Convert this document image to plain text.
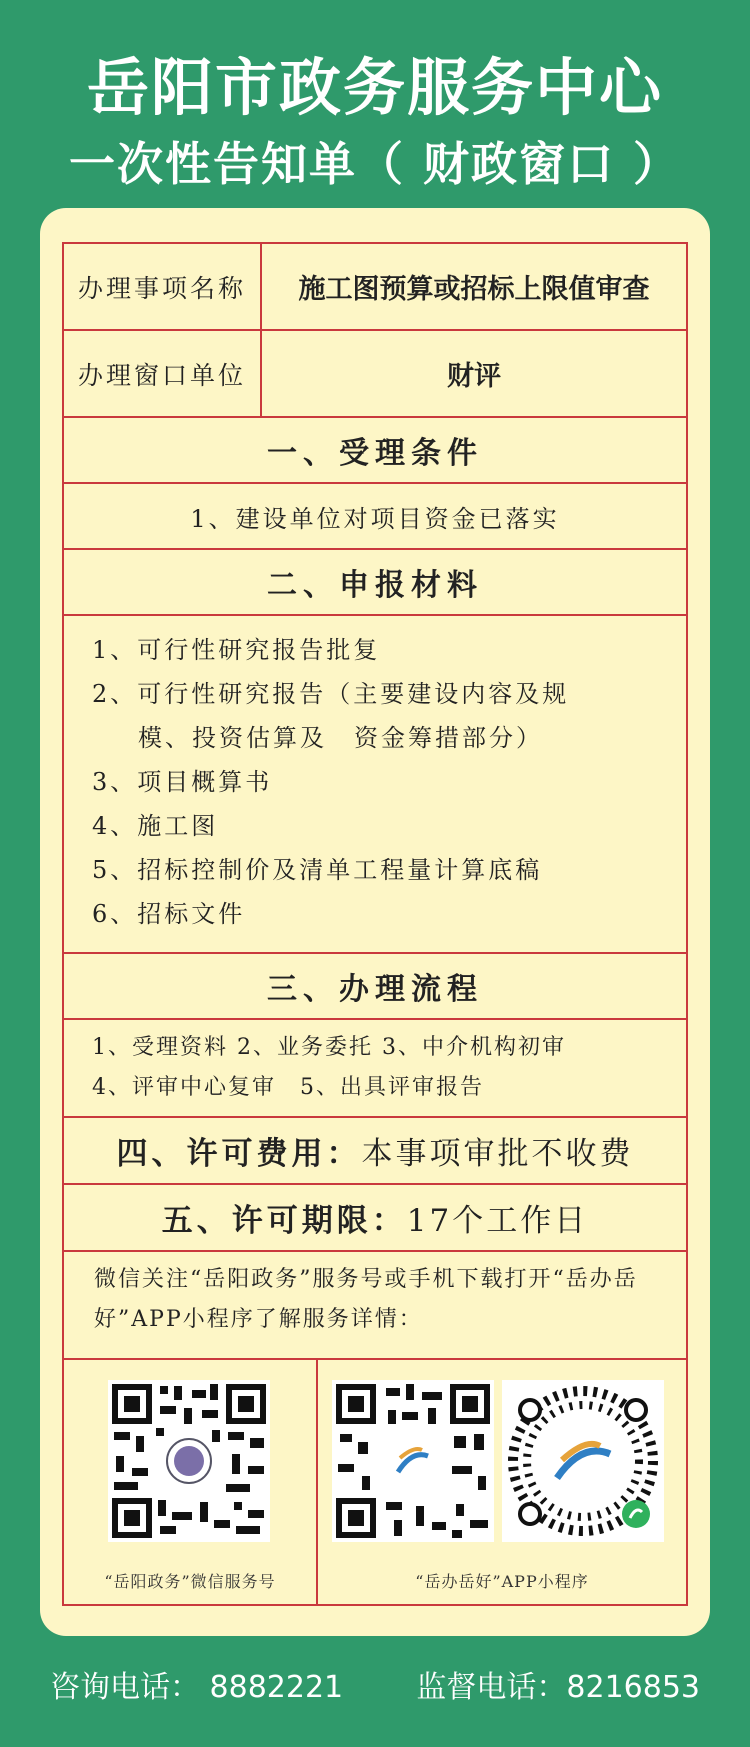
岳阳市政务服务中心
一次性告知单（ 财政窗口 ）
办理事项名称	施工图预算或招标上限值审查
办理窗口单位	财评
一、受理条件
1、建设单位对项目资金已落实
二、申报材料
1、可行性研究报告批复
2、可行性研究报告（主要建设内容及规
模、投资估算及　资金筹措部分）
3、项目概算书
4、施工图
5、招标控制价及清单工程量计算底稿
6、招标文件
三、办理流程
1、受理资料 2、业务委托 3、中介机构初审
4、评审中心复审　5、出具评审报告
四、许可费用： 本事项审批不收费
五、许可期限： 17个工作日
微信关注“岳阳政务”服务号或手机下载打开“岳办岳好”APP小程序了解服务详情：
“岳阳政务”微信服务号	“岳办岳好”APP小程序
咨询电话： 8882221 监督电话：8216853
